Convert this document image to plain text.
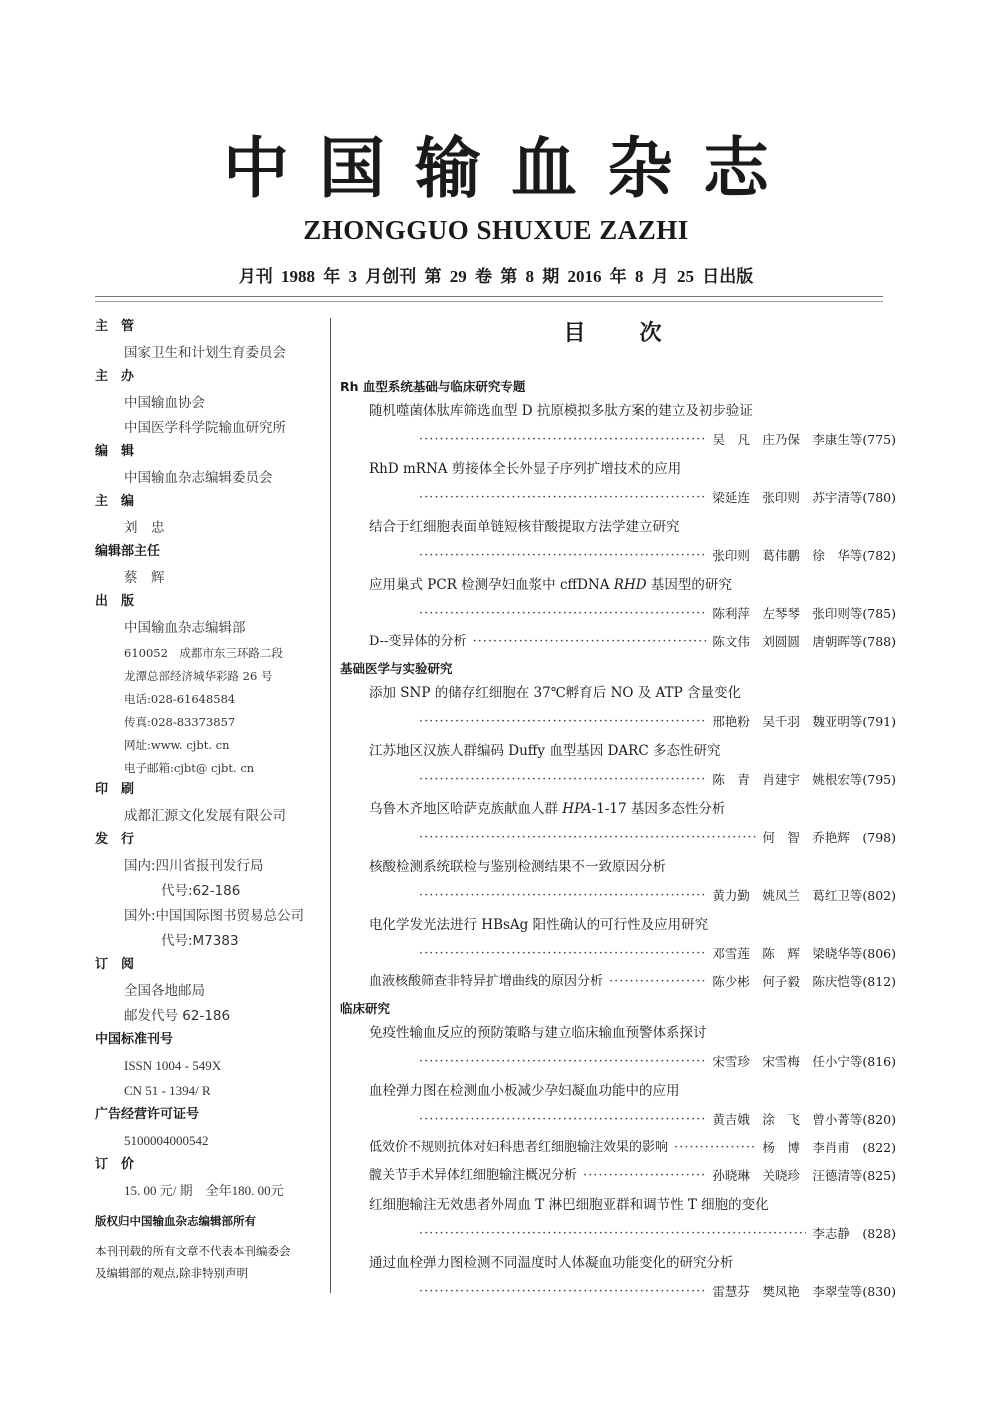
中国输血杂志
ZHONGGUO SHUXUE ZAZHI
月刊 1988 年 3 月创刊 第 29 卷 第 8 期 2016 年 8 月 25 日出版
主　管
国家卫生和计划生育委员会
主　办
中国输血协会
中国医学科学院输血研究所
编　辑
中国输血杂志编辑委员会
主　编
刘　忠
编辑部主任
蔡　辉
出　版
中国输血杂志编辑部
610052　成都市东三环路二段
龙潭总部经济城华彩路 26 号
电话:028-61648584
传真:028-83373857
网址:www. cjbt. cn
电子邮箱:cjbt@ cjbt. cn
印　刷
成都汇源文化发展有限公司
发　行
国内:四川省报刊发行局
代号:62-186
国外:中国国际图书贸易总公司
代号:M7383
订　阅
全国各地邮局
邮发代号 62-186
中国标准刊号
ISSN 1004 - 549X
CN 51 - 1394/ R
广告经营许可证号
5100004000542
订　价
15. 00 元/ 期　全年180. 00元
版权归中国输血杂志编辑部所有
本刊刊载的所有文章不代表本刊编委会
及编辑部的观点,除非特别声明
目次
Rh 血型系统基础与临床研究专题
随机噬菌体肽库筛选血型 D 抗原模拟多肽方案的建立及初步验证
·····
吴　凡　庄乃保　李康生等(775)
RhD mRNA 剪接体全长外显子序列扩增技术的应用
·····
梁延连　张印则　苏宇清等(780)
结合于红细胞表面单链短核苷酸提取方法学建立研究
·····
张印则　葛伟鹏　徐　华等(782)
应用巢式 PCR 检测孕妇血浆中 cffDNA RHD 基因型的研究
·····
陈利萍　左琴琴　张印则等(785)
D--变异体的分析 ·····	陈文伟　刘圆圆　唐朝晖等(788)
基础医学与实验研究
添加 SNP 的储存红细胞在 37℃孵育后 NO 及 ATP 含量变化
·····
邢艳粉　吴千羽　魏亚明等(791)
江苏地区汉族人群编码 Duffy 血型基因 DARC 多态性研究
·····
陈　青　肖建宇　姚根宏等(795)
乌鲁木齐地区哈萨克族献血人群 HPA-1-17 基因多态性分析
·····
何　智　乔艳辉　(798)
核酸检测系统联检与鉴别检测结果不一致原因分析
·····
黄力勤　姚凤兰　葛红卫等(802)
电化学发光法进行 HBsAg 阳性确认的可行性及应用研究
·····
邓雪莲　陈　辉　梁晓华等(806)
血液核酸筛查非特异扩增曲线的原因分析 ·····	陈少彬　何子毅　陈庆恺等(812)
临床研究
免疫性输血反应的预防策略与建立临床输血预警体系探讨
·····
宋雪珍　宋雪梅　任小宁等(816)
血栓弹力图在检测血小板减少孕妇凝血功能中的应用
·····
黄吉娥　涂　飞　曾小菁等(820)
低效价不规则抗体对妇科患者红细胞输注效果的影响 ·····	杨　博　李肖甫　(822)
髋关节手术异体红细胞输注概况分析 ·····	孙晓琳　关晓珍　汪德清等(825)
红细胞输注无效患者外周血 T 淋巴细胞亚群和调节性 T 细胞的变化
·····
李志静　(828)
通过血栓弹力图检测不同温度时人体凝血功能变化的研究分析
·····
雷慧芬　樊凤艳　李翠莹等(830)
